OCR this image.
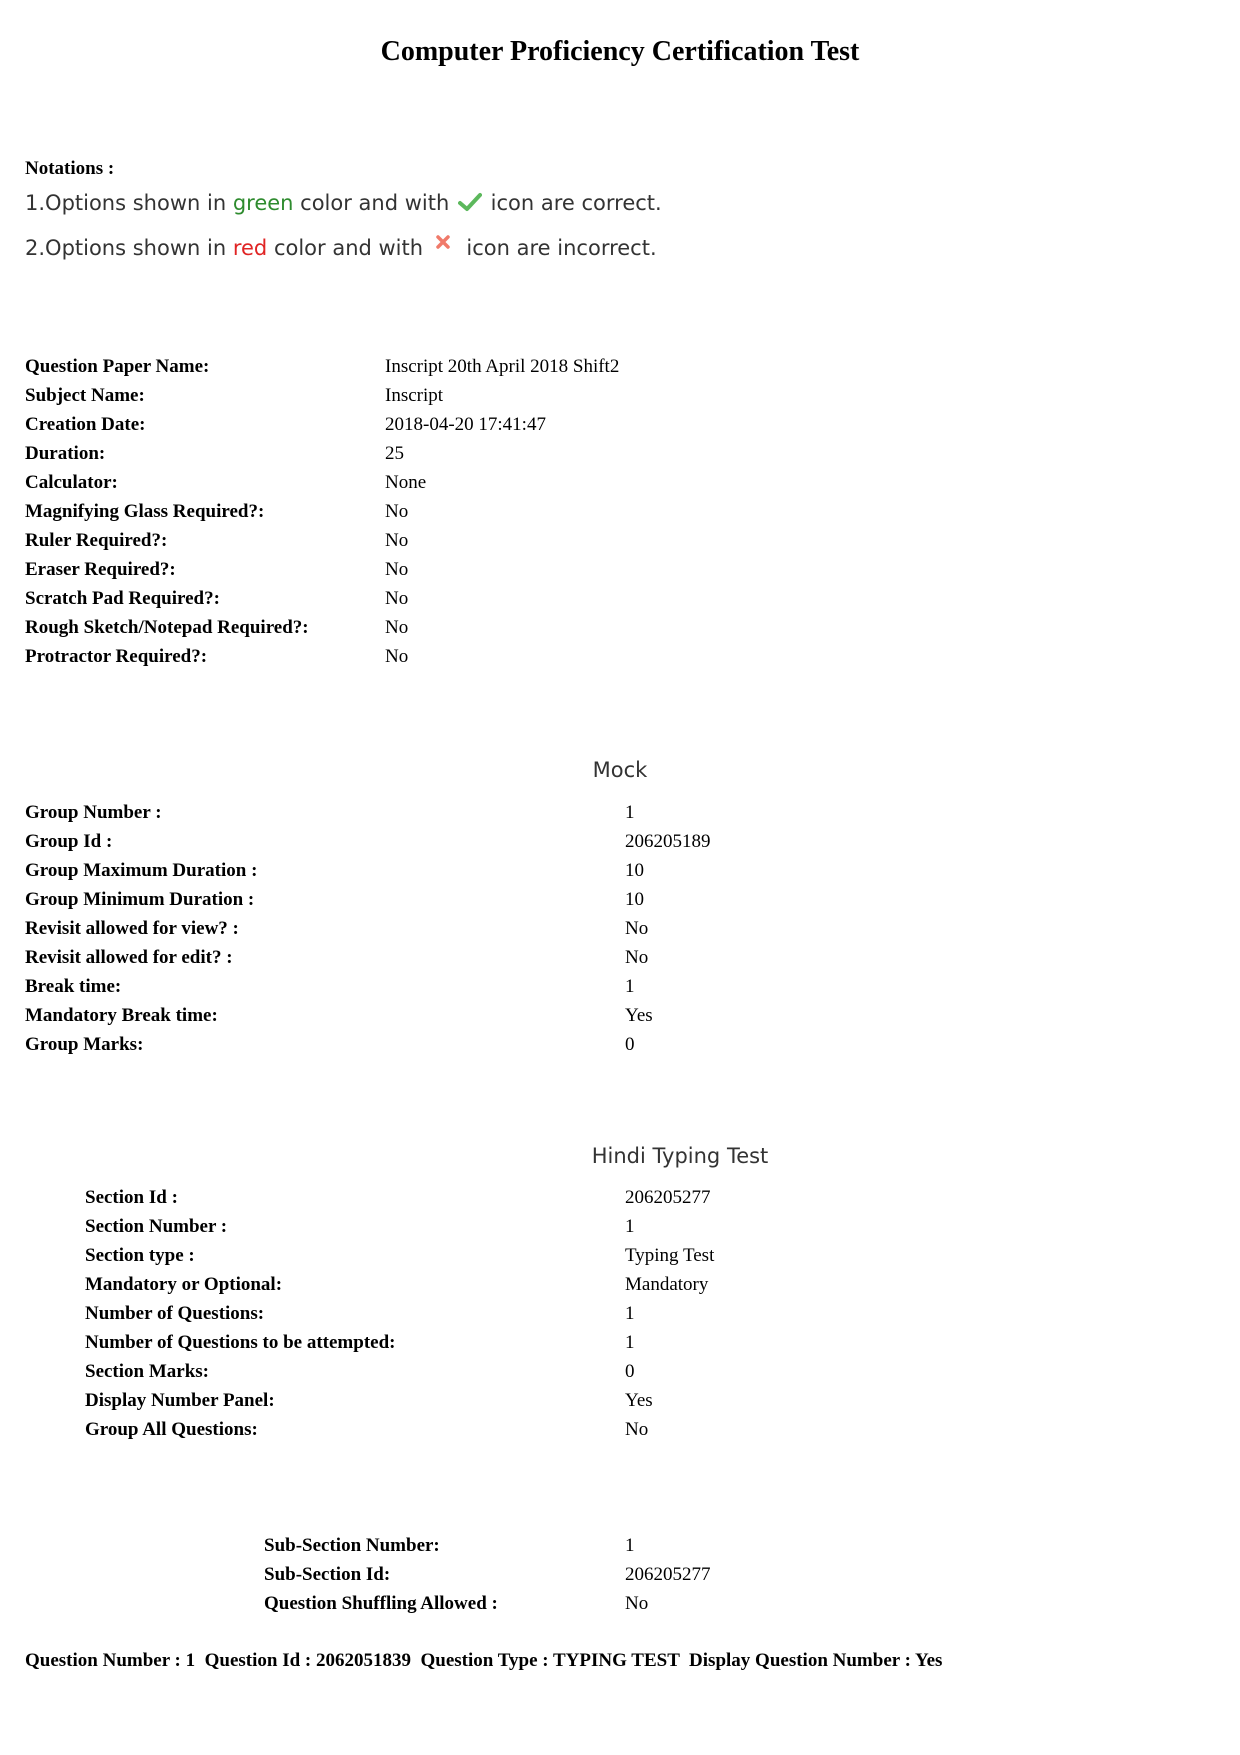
Computer Proficiency Certification Test
Notations :
1.Options shown in green color and with  icon are correct.
2.Options shown in red color and with  icon are incorrect.
Question Paper Name:	Inscript 20th April 2018 Shift2
Subject Name:	Inscript
Creation Date:	2018-04-20 17:41:47
Duration:	25
Calculator:	None
Magnifying Glass Required?:	No
Ruler Required?:	No
Eraser Required?:	No
Scratch Pad Required?:	No
Rough Sketch/Notepad Required?:	No
Protractor Required?:	No
Mock
Group Number :	1
Group Id :	206205189
Group Maximum Duration :	10
Group Minimum Duration :	10
Revisit allowed for view? :	No
Revisit allowed for edit? :	No
Break time:	1
Mandatory Break time:	Yes
Group Marks:	0
Hindi Typing Test
Section Id :	206205277
Section Number :	1
Section type :	Typing Test
Mandatory or Optional:	Mandatory
Number of Questions:	1
Number of Questions to be attempted:	1
Section Marks:	0
Display Number Panel:	Yes
Group All Questions:	No
Sub-Section Number:	1
Sub-Section Id:	206205277
Question Shuffling Allowed :	No
Question Number : 1  Question Id : 2062051839  Question Type : TYPING TEST  Display Question Number : Yes
